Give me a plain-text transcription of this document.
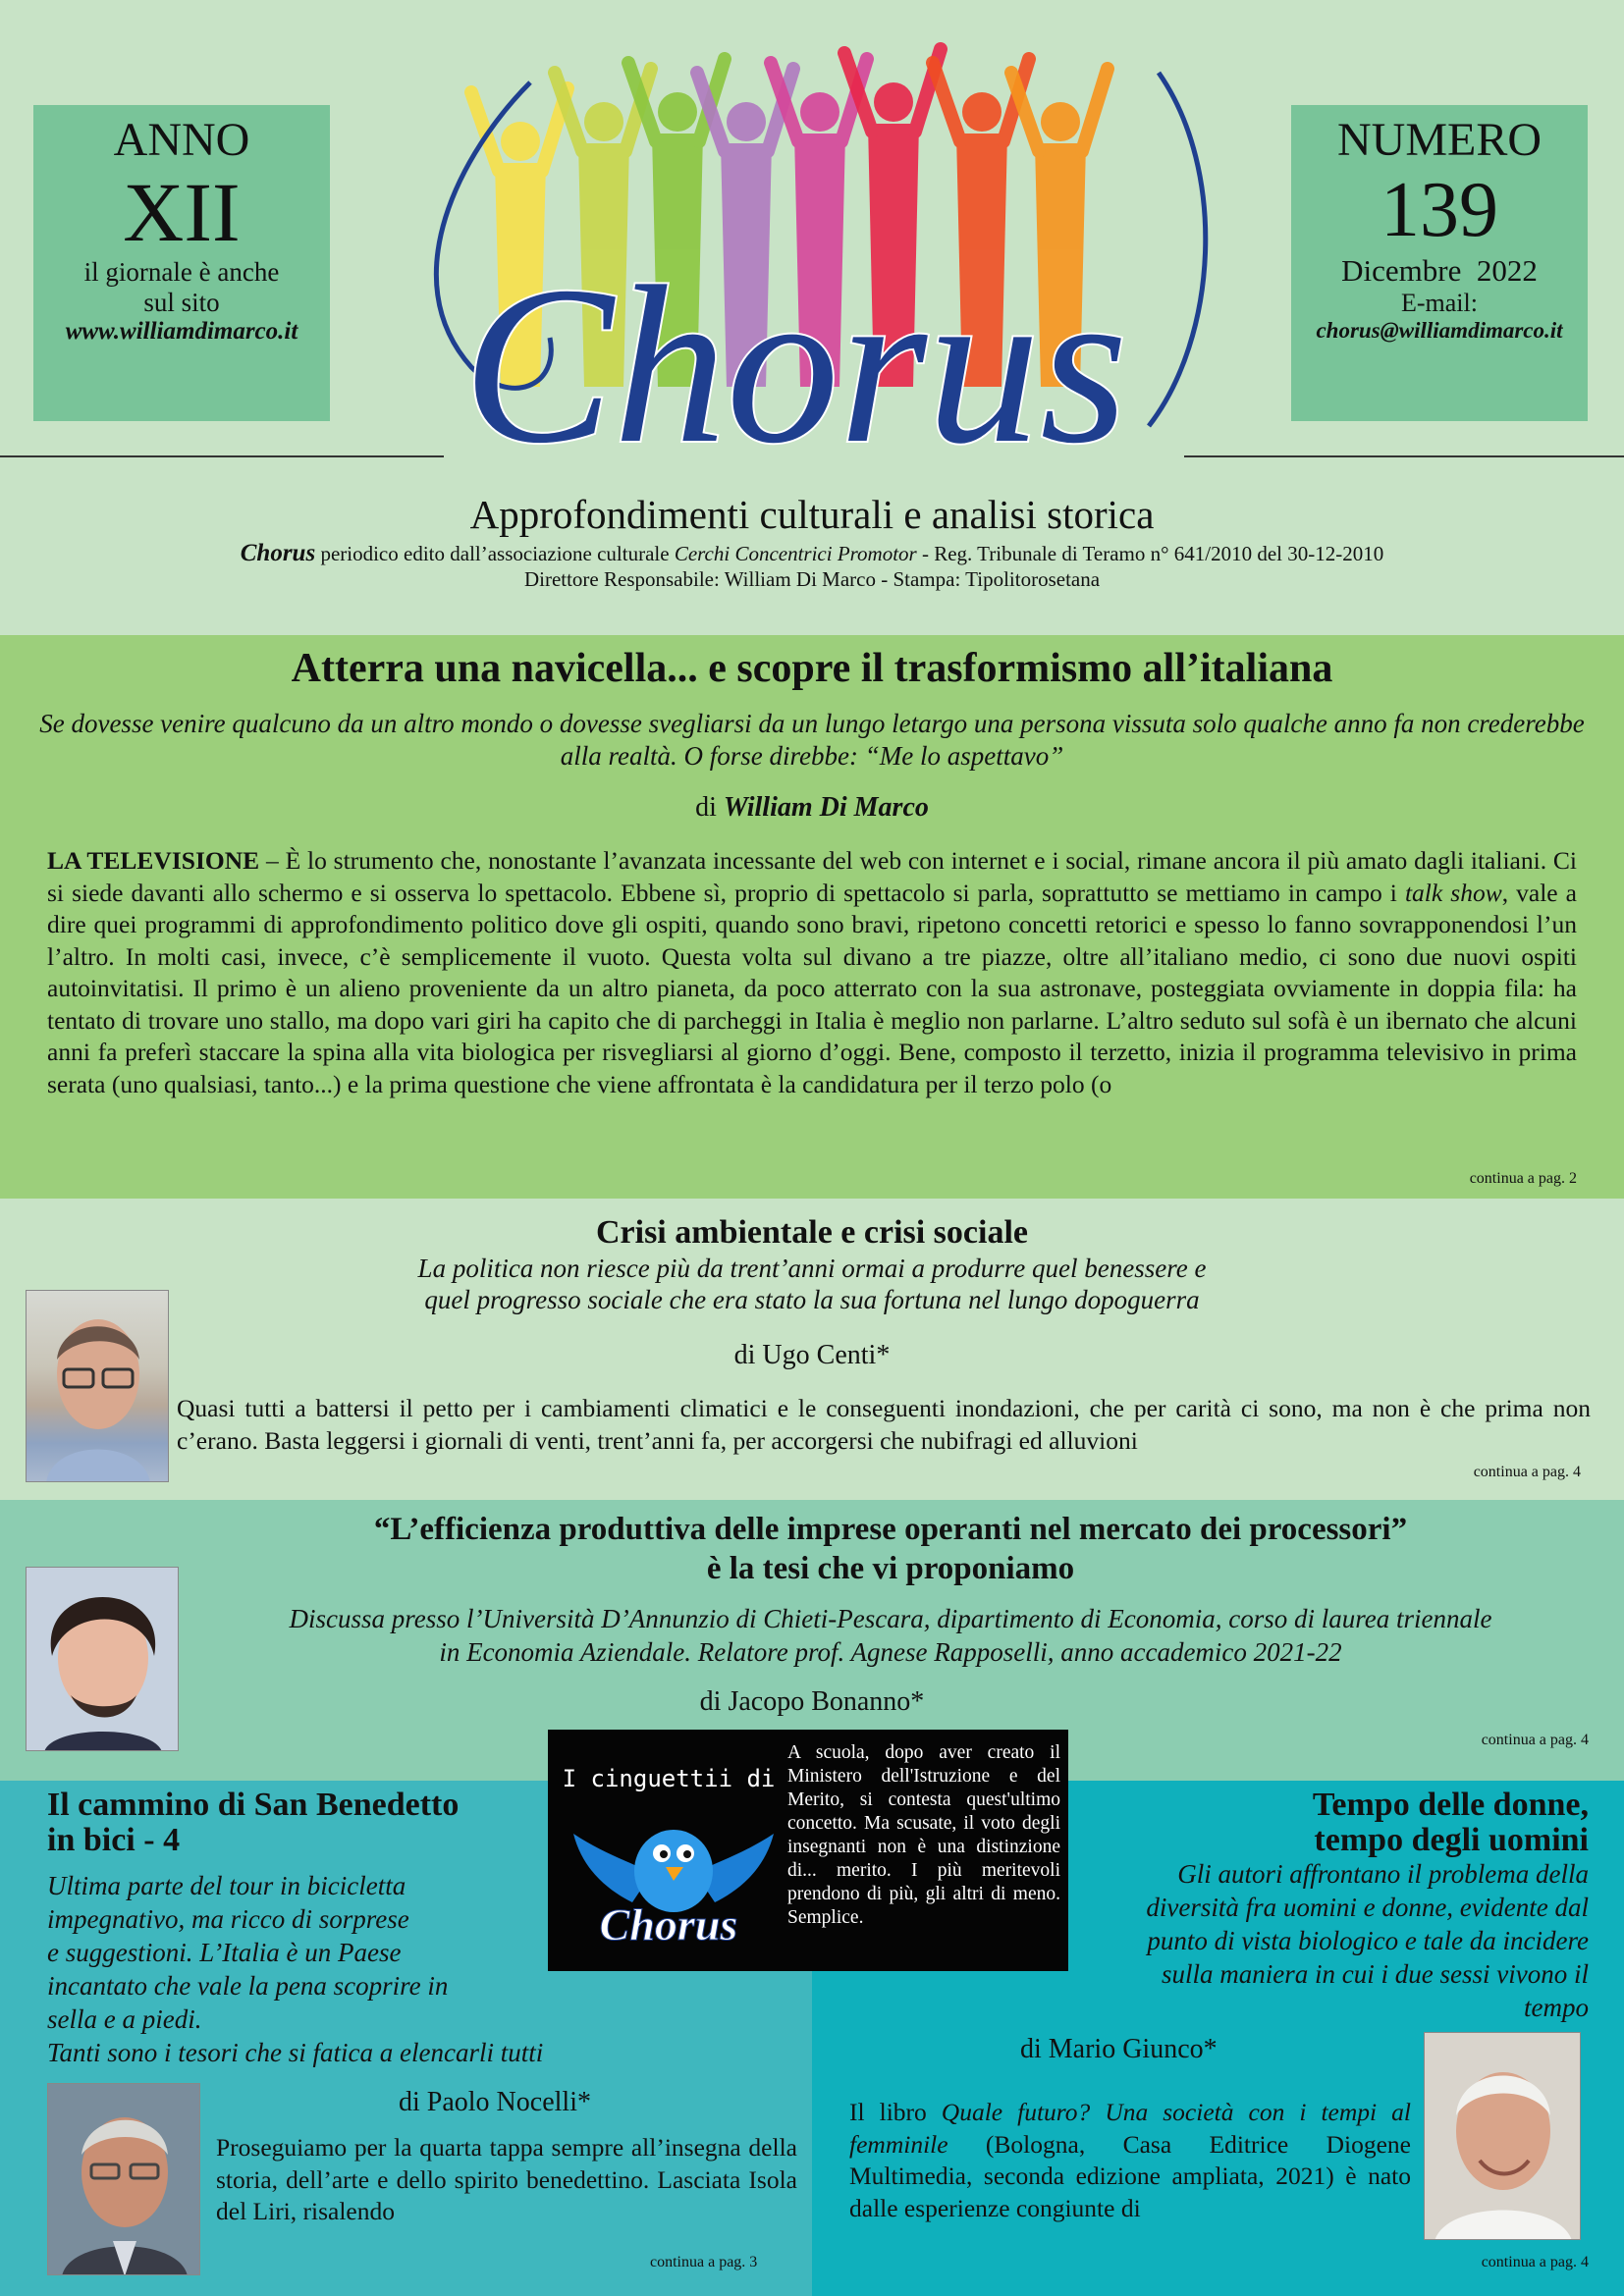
ANNO
XII
il giornale è anche
sul sito
www.williamdimarco.it
NUMERO
139
Dicembre  2022
E-mail:
chorus@williamdimarco.it
Chorus
Approfondimenti culturali e analisi storica
Chorus periodico edito dall’associazione culturale Cerchi Concentrici Promotor - Reg. Tribunale di Teramo n° 641/2010 del 30-12-2010
Direttore Responsabile: William Di Marco - Stampa: Tipolitorosetana
Atterra una navicella... e scopre il trasformismo all’italiana

Se dovesse venire qualcuno da un altro mondo o dovesse svegliarsi da un lungo letargo una persona vissuta solo qualche anno fa non crederebbe alla realtà. O forse direbbe: “Me lo aspettavo”

di William Di Marco

LA TELEVISIONE – È lo strumento che, nonostante l’avanzata incessante del web con internet e i social, rimane ancora il più amato dagli italiani. Ci si siede davanti allo schermo e si osserva lo spettacolo. Ebbene sì, proprio di spettacolo si parla, soprattutto se mettiamo in campo i talk show, vale a dire quei programmi di approfondimento politico dove gli ospiti, quando sono bravi, ripetono concetti retorici e spesso lo fanno sovrapponendosi l’un l’altro. In molti casi, invece, c’è semplicemente il vuoto. Questa volta sul divano a tre piazze, oltre all’italiano medio, ci sono due nuovi ospiti autoinvitatisi. Il primo è un alieno proveniente da un altro pianeta, da poco atterrato con la sua astronave, posteggiata ovviamente in doppia fila: ha tentato di trovare uno stallo, ma dopo vari giri ha capito che di parcheggi in Italia è meglio non parlarne. L’altro seduto sul sofà è un ibernato che alcuni anni fa preferì staccare la spina alla vita biologica per risvegliarsi al giorno d’oggi. Bene, composto il terzetto, inizia il programma televisivo in prima serata (uno qualsiasi, tanto...) e la prima questione che viene affrontata è la candidatura per il terzo polo (o

continua a pag. 2
Crisi ambientale e crisi sociale

La politica non riesce più da trent’anni ormai a produrre quel benessere e

quel progresso sociale che era stato la sua fortuna nel lungo dopoguerra

di Ugo Centi*

Quasi tutti a battersi il petto per i cambiamenti climatici e le conseguenti inondazioni, che per carità ci sono, ma non è che prima non c’erano. Basta leggersi i giornali di venti, trent’anni fa, per accorgersi che nubifragi ed alluvioni

continua a pag. 4
“L’efficienza produttiva delle imprese operanti nel mercato dei processori”
è la tesi che vi proponiamo

Discussa presso l’Università D’Annunzio di Chieti-Pescara, dipartimento di Economia, corso di laurea triennale

in Economia Aziendale. Relatore prof. Agnese Rapposelli, anno accademico 2021-22

di Jacopo Bonanno*

continua a pag. 4
I cinguettii di
Chorus

A scuola, dopo aver creato il Ministero dell'Istruzione e del Merito, si contesta quest'ultimo concetto. Ma scusate, il voto degli insegnanti non è una distinzione di... merito. I più meritevoli prendono di più, gli altri di meno. Semplice.

Il cammino di San Benedetto
in bici - 4

Ultima parte del tour in bicicletta

impegnativo, ma ricco di sorprese

e suggestioni. L’Italia è un Paese

incantato che vale la pena scoprire in

sella e a piedi.

Tanti sono i tesori che si fatica a elencarli tutti

di Paolo Nocelli*

Proseguiamo per la quarta tappa sempre all’insegna della storia, dell’arte e dello spirito benedettino. Lasciata Isola del Liri, risalendo

continua a pag. 3
Tempo delle donne,
tempo degli uomini

Gli autori affrontano il problema della

diversità fra uomini e donne, evidente dal

punto di vista biologico e tale da incidere

sulla maniera in cui i due sessi vivono il

tempo

di Mario Giunco*

Il libro Quale futuro? Una società con i tempi al femminile (Bologna, Casa Editrice Diogene Multimedia, seconda edizione ampliata, 2021) è nato dalle esperienze congiunte di

continua a pag. 4
